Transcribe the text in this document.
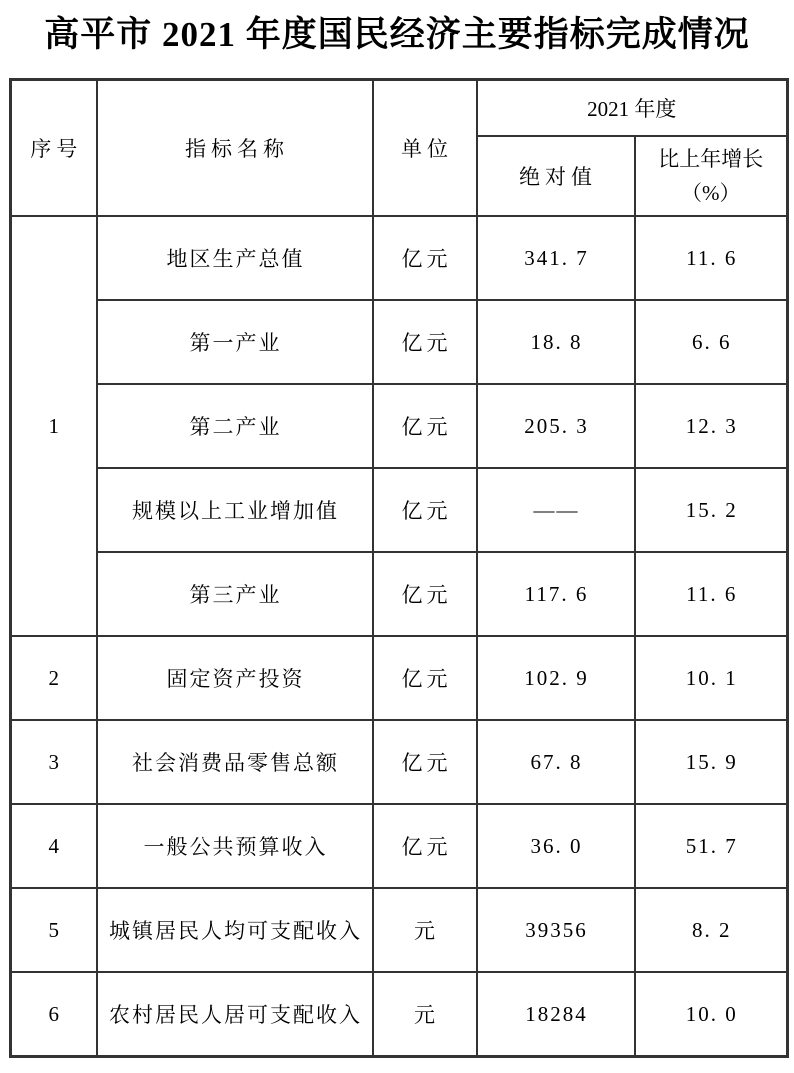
高平市 2021 年度国民经济主要指标完成情况
序号	指标名称	单位	2021 年度	
			绝对值	比上年增长
（%）

1	地区生产总值	亿元	341. 7	11. 6
	第一产业	亿元	18. 8	6. 6
	第二产业	亿元	205. 3	12. 3
	规模以上工业增加值	亿元	——	15. 2
	第三产业	亿元	117. 6	11. 6
2	固定资产投资	亿元	102. 9	10. 1
3	社会消费品零售总额	亿元	67. 8	15. 9
4	一般公共预算收入	亿元	36. 0	51. 7
5	城镇居民人均可支配收入	元	39356	8. 2
6	农村居民人居可支配收入	元	18284	10. 0
